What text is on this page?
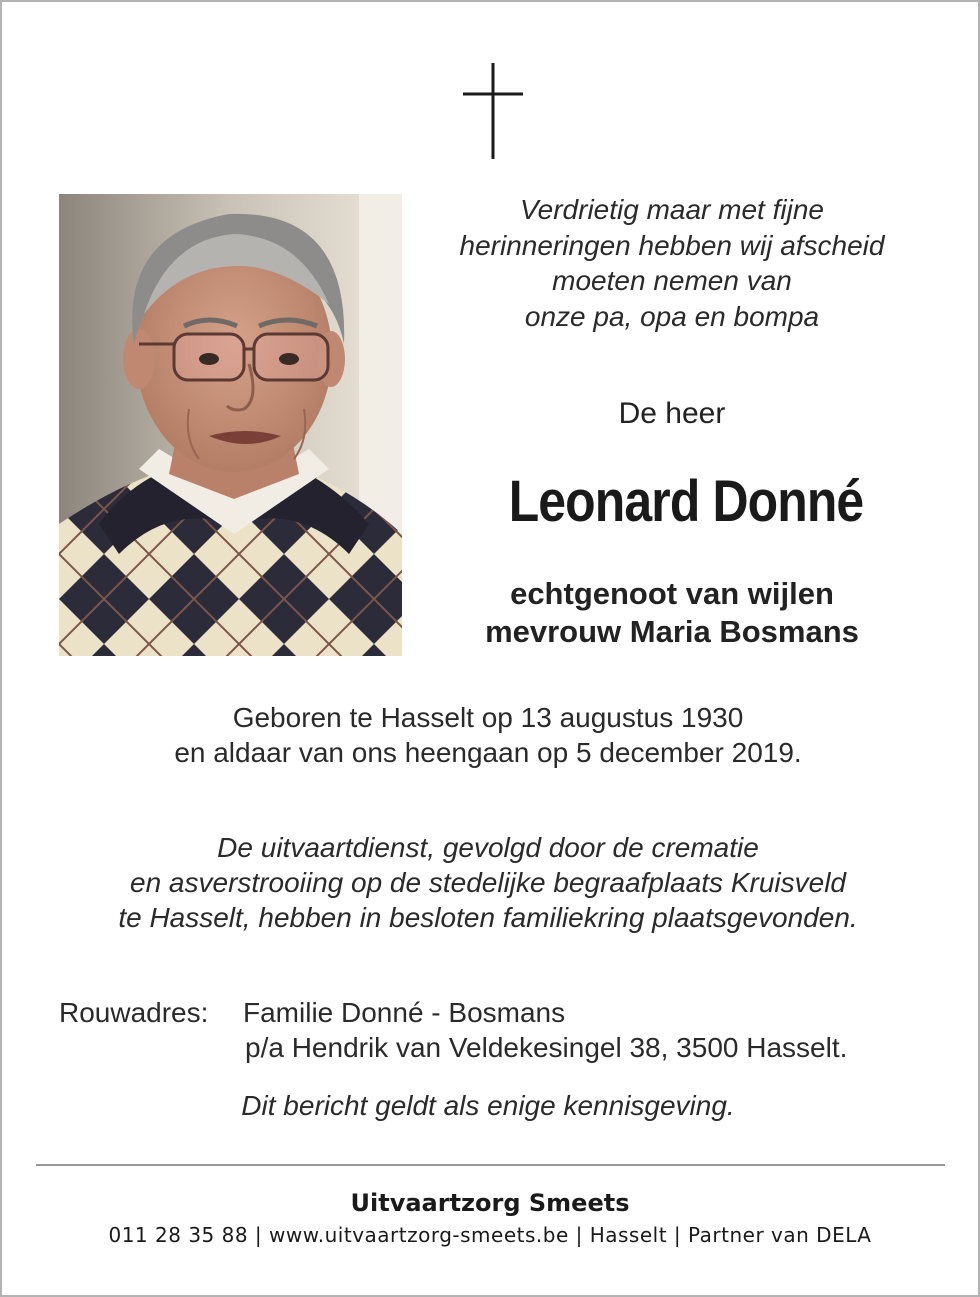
Verdrietig maar met fijne
herinneringen hebben wij afscheid
moeten nemen van
onze pa, opa en bompa
De heer
Leonard Donné
echtgenoot van wijlen
mevrouw Maria Bosmans
Geboren te Hasselt op 13 augustus 1930
en aldaar van ons heengaan op 5 december 2019.
De uitvaartdienst, gevolgd door de crematie
en asverstrooiing op de stedelijke begraafplaats Kruisveld
te Hasselt, hebben in besloten familiekring plaatsgevonden.
Rouwadres: Familie Donné - Bosmans
p/a Hendrik van Veldekesingel 38, 3500 Hasselt.
Dit bericht geldt als enige kennisgeving.
Uitvaartzorg Smeets
011 28 35 88 | www.uitvaartzorg-smeets.be | Hasselt | Partner van DELA
